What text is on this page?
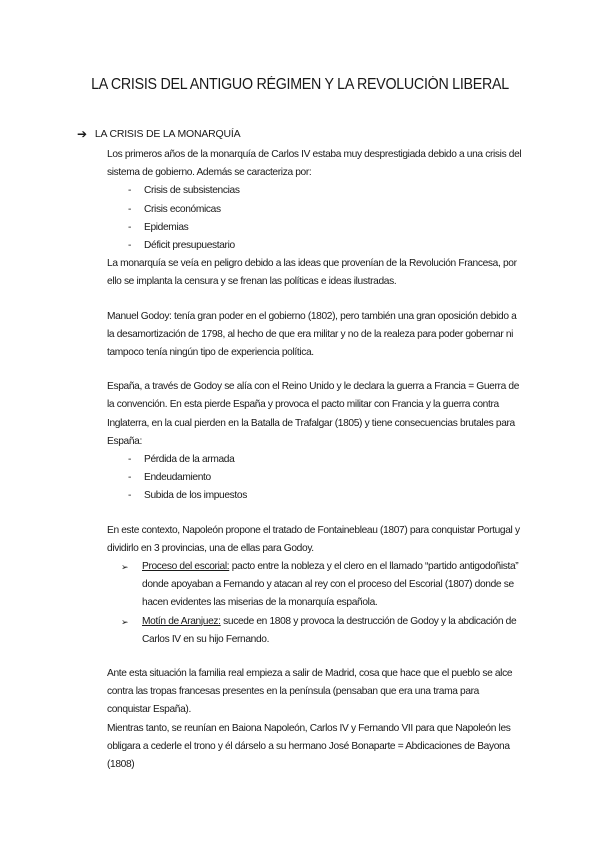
LA CRISIS DEL ANTIGUO RÉGIMEN Y LA REVOLUCIÓN LIBERAL
➔ LA CRISIS DE LA MONARQUÍA

Los primeros años de la monarquía de Carlos IV estaba muy desprestigiada debido a una crisis del sistema de gobierno. Además se caracteriza por:

- Crisis de subsistencias
- Crisis económicas
- Epidemias
- Déficit presupuestario

La monarquía se veía en peligro debido a las ideas que provenían de la Revolución Francesa, por ello se implanta la censura y se frenan las políticas e ideas ilustradas.

Manuel Godoy: tenía gran poder en el gobierno (1802), pero también una gran oposición debido a la desamortización de 1798, al hecho de que era militar y no de la realeza para poder gobernar ni tampoco tenía ningún tipo de experiencia política.

España, a través de Godoy se alía con el Reino Unido y le declara la guerra a Francia = Guerra de la convención. En esta pierde España y provoca el pacto militar con Francia y la guerra contra Inglaterra, en la cual pierden en la Batalla de Trafalgar (1805) y tiene consecuencias brutales para España:

- Pérdida de la armada
- Endeudamiento
- Subida de los impuestos

En este contexto, Napoleón propone el tratado de Fontainebleau (1807) para conquistar Portugal y dividirlo en 3 provincias, una de ellas para Godoy.

➢ Proceso del escorial: pacto entre la nobleza y el clero en el llamado “partido antigodoñista” donde apoyaban a Fernando y atacan al rey con el proceso del Escorial (1807) donde se hacen evidentes las miserias de la monarquía española.
➢ Motín de Aranjuez: sucede en 1808 y provoca la destrucción de Godoy y la abdicación de Carlos IV en su hijo Fernando.

Ante esta situación la familia real empieza a salir de Madrid, cosa que hace que el pueblo se alce contra las tropas francesas presentes en la península (pensaban que era una trama para conquistar España).

Mientras tanto, se reunían en Baiona Napoleón, Carlos IV y Fernando VII para que Napoleón les obligara a cederle el trono y él dárselo a su hermano José Bonaparte = Abdicaciones de Bayona (1808)
